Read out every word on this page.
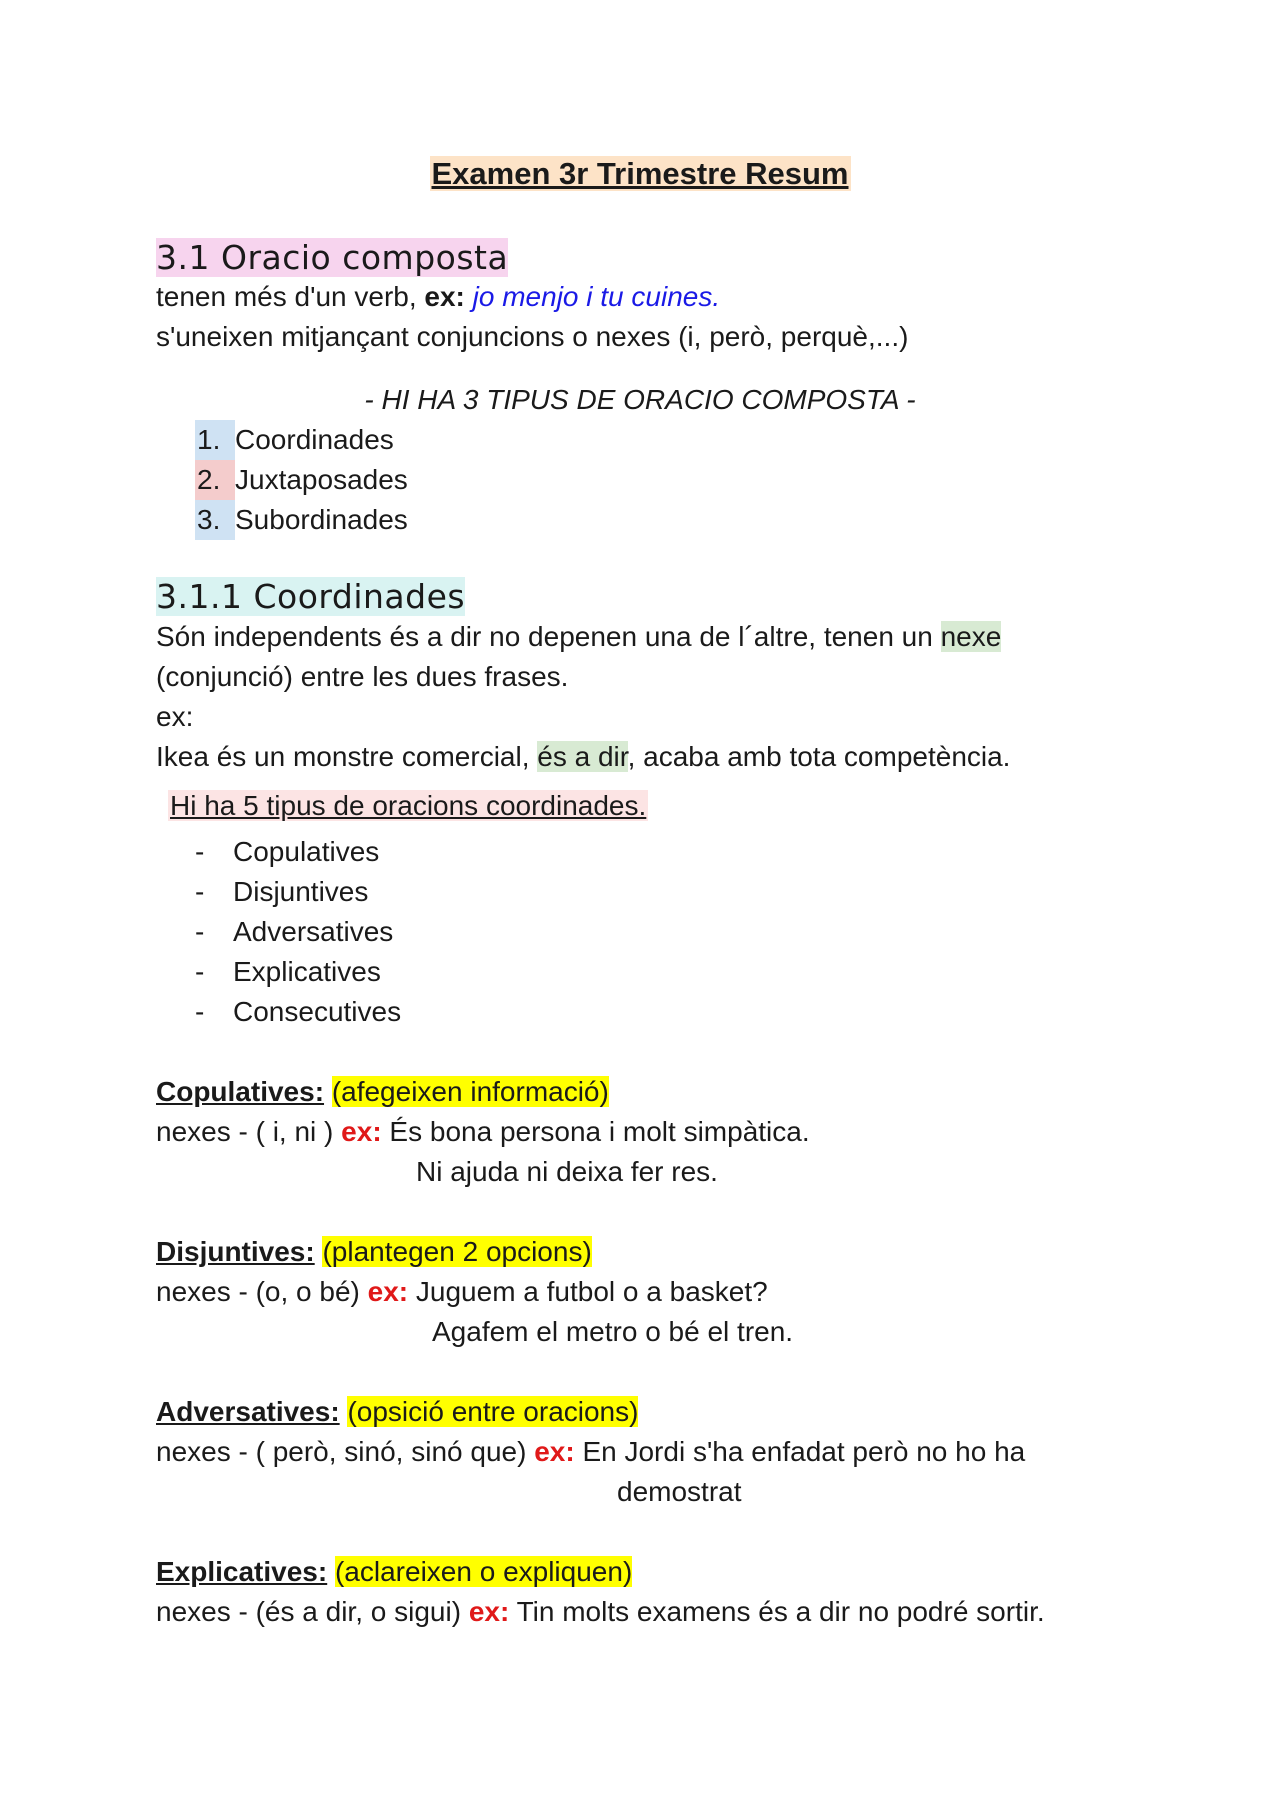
Examen 3r Trimestre Resum
3.1 Oracio composta
tenen més d'un verb, ex: jo menjo i tu cuines.
s'uneixen mitjançant conjuncions o nexes (i, però, perquè,...)
- HI HA 3 TIPUS DE ORACIO COMPOSTA -
1. Coordinades
2. Juxtaposades
3. Subordinades
3.1.1 Coordinades
Són independents és a dir no depenen una de l´altre, tenen un nexe
(conjunció) entre les dues frases.
ex:
Ikea és un monstre comercial, és a dir, acaba amb tota competència.
Hi ha 5 tipus de oracions coordinades.
- Copulatives
- Disjuntives
- Adversatives
- Explicatives
- Consecutives
Copulatives: (afegeixen informació)
nexes - ( i, ni ) ex: És bona persona i molt simpàtica.
Ni ajuda ni deixa fer res.
Disjuntives: (plantegen 2 opcions)
nexes - (o, o bé) ex: Juguem a futbol o a basket?
Agafem el metro o bé el tren.
Adversatives: (opsició entre oracions)
nexes - ( però, sinó, sinó que) ex: En Jordi s'ha enfadat però no ho ha
demostrat
Explicatives: (aclareixen o expliquen)
nexes - (és a dir, o sigui) ex: Tin molts examens és a dir no podré sortir.
